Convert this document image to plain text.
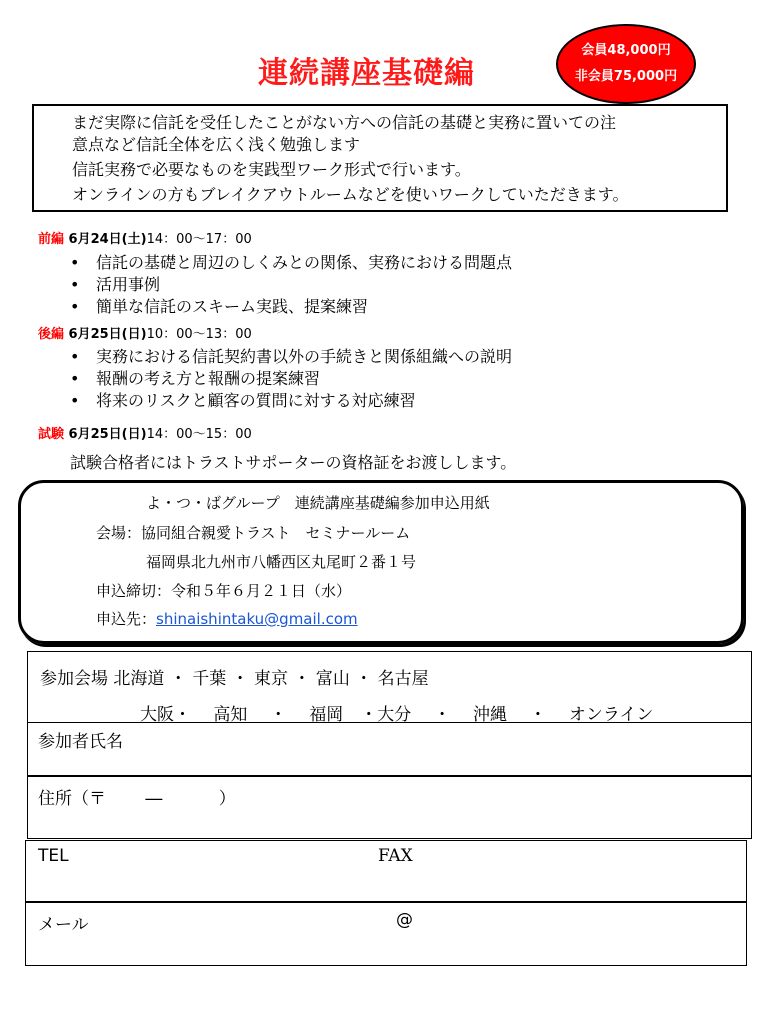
連続講座基礎編
会員48,000円
非会員75,000円
まだ実際に信託を受任したことがない方への信託の基礎と実務に置いての注
意点など信託全体を広く浅く勉強します
信託実務で必要なものを実践型ワーク形式で行います。
オンラインの方もブレイクアウトルームなどを使いワークしていただきます。
前編 6月24日(土)14：00〜17：00
• 信託の基礎と周辺のしくみとの関係、実務における問題点
• 活用事例
• 簡単な信託のスキーム実践、提案練習
後編 6月25日(日)10：00〜13：00
• 実務における信託契約書以外の手続きと関係組織への説明
• 報酬の考え方と報酬の提案練習
• 将来のリスクと顧客の質問に対する対応練習
試験 6月25日(日)14：00〜15：00
試験合格者にはトラストサポーターの資格証をお渡しします。
よ・つ・ばグループ　連続講座基礎編参加申込用紙
会場：協同組合親愛トラスト　セミナールーム
福岡県北九州市八幡西区丸尾町２番１号
申込締切：令和５年６月２１日（水）
申込先：shinaishintaku@gmail.com
参加会場 北海道 ・ 千葉 ・ 東京 ・ 富山 ・ 名古屋
大阪・　 高知　 ・　 福岡　・大分　 ・　 沖縄　 ・　 オンライン
参加者氏名
住所（〒　　 ―　　　 ）
TEL	FAX
メール	@
